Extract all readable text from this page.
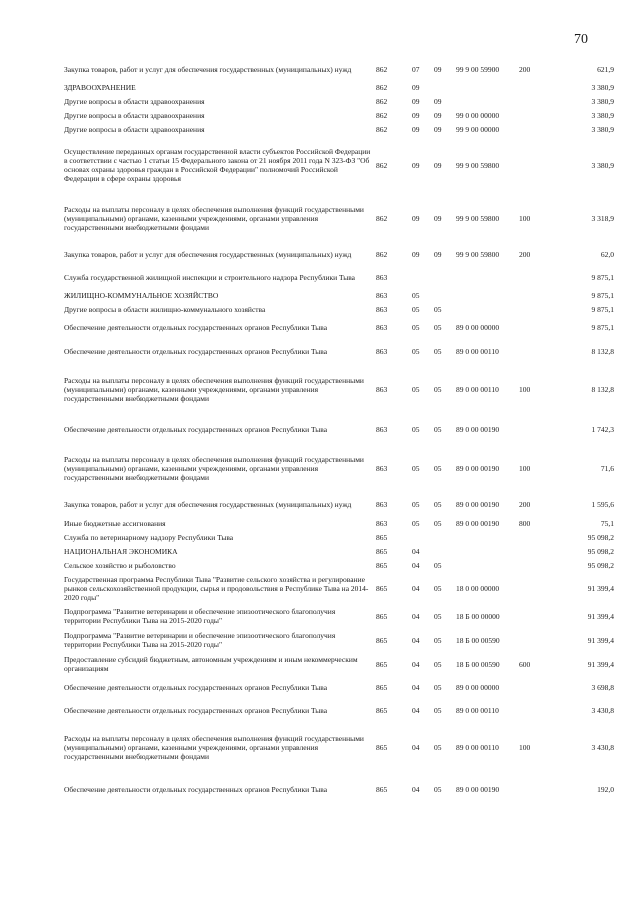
70
Закупка товаров, работ и услуг для обеспечения государственных (муниципальных) нужд	862	07	09	99 9 00 59900	200	621,9
ЗДРАВООХРАНЕНИЕ	862	09				3 380,9
Другие вопросы в области здравоохранения	862	09	09			3 380,9
Другие вопросы в области здравоохранения	862	09	09	99 0 00 00000		3 380,9
Другие вопросы в области здравоохранения	862	09	09	99 9 00 00000		3 380,9
Осуществление переданных органам государственной власти субъектов Российской Федерации в соответствии с частью 1 статьи 15 Федерального закона от 21 ноября 2011 года N 323-ФЗ "Об основах охраны здоровья граждан в Российской Федерации" полномочий Российской Федерации в сфере охраны здоровья	862	09	09	99 9 00 59800		3 380,9
Расходы на выплаты персоналу в целях обеспечения выполнения функций государственными (муниципальными) органами, казенными учреждениями, органами управления государственными внебюджетными фондами	862	09	09	99 9 00 59800	100	3 318,9
Закупка товаров, работ и услуг для обеспечения государственных (муниципальных) нужд	862	09	09	99 9 00 59800	200	62,0
Служба государственной жилищной инспекции и строительного надзора Республики Тыва	863					9 875,1
ЖИЛИЩНО-КОММУНАЛЬНОЕ ХОЗЯЙСТВО	863	05				9 875,1
Другие вопросы в области жилищно-коммунального хозяйства	863	05	05			9 875,1
Обеспечение деятельности отдельных государственных органов Республики Тыва	863	05	05	89 0 00 00000		9 875,1
Обеспечение деятельности отдельных государственных органов Республики Тыва	863	05	05	89 0 00 00110		8 132,8
Расходы на выплаты персоналу в целях обеспечения выполнения функций государственными (муниципальными) органами, казенными учреждениями, органами управления государственными внебюджетными фондами	863	05	05	89 0 00 00110	100	8 132,8
Обеспечение деятельности отдельных государственных органов Республики Тыва	863	05	05	89 0 00 00190		1 742,3
Расходы на выплаты персоналу в целях обеспечения выполнения функций государственными (муниципальными) органами, казенными учреждениями, органами управления государственными внебюджетными фондами	863	05	05	89 0 00 00190	100	71,6
Закупка товаров, работ и услуг для обеспечения государственных (муниципальных) нужд	863	05	05	89 0 00 00190	200	1 595,6
Иные бюджетные ассигнования	863	05	05	89 0 00 00190	800	75,1
Служба по ветеринарному надзору Республики Тыва	865					95 098,2
НАЦИОНАЛЬНАЯ ЭКОНОМИКА	865	04				95 098,2
Сельское хозяйство и рыболовство	865	04	05			95 098,2
Государственная программа Республики Тыва "Развитие сельского хозяйства и регулирование рынков сельскохозяйственной продукции, сырья и продовольствия в Республике Тыва на 2014-2020 годы"	865	04	05	18 0 00 00000		91 399,4
Подпрограмма "Развитие ветеринарии и обеспечение эпизоотического благополучия территории Республики Тыва на 2015-2020 годы"	865	04	05	18 Б 00 00000		91 399,4
Подпрограмма "Развитие ветеринарии и обеспечение эпизоотического благополучия территории Республики Тыва на 2015-2020 годы"	865	04	05	18 Б 00 00590		91 399,4
Предоставление субсидий бюджетным, автономным учреждениям и иным некоммерческим организациям	865	04	05	18 Б 00 00590	600	91 399,4
Обеспечение деятельности отдельных государственных органов Республики Тыва	865	04	05	89 0 00 00000		3 698,8
Обеспечение деятельности отдельных государственных органов Республики Тыва	865	04	05	89 0 00 00110		3 430,8
Расходы на выплаты персоналу в целях обеспечения выполнения функций государственными (муниципальными) органами, казенными учреждениями, органами управления государственными внебюджетными фондами	865	04	05	89 0 00 00110	100	3 430,8
Обеспечение деятельности отдельных государственных органов Республики Тыва	865	04	05	89 0 00 00190		192,0
